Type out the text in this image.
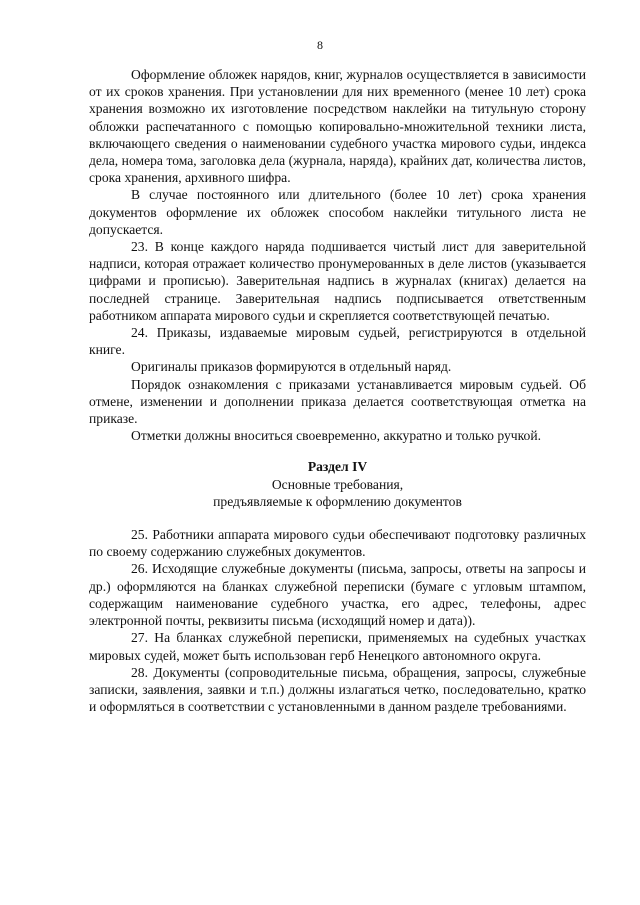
8

Оформление обложек нарядов, книг, журналов осуществляется в зависимости от их сроков хранения. При установлении для них временного (менее 10 лет) срока хранения возможно их изготовление посредством наклейки на титульную сторону обложки распечатанного с помощью копировально-множительной техники листа, включающего сведения о наименовании судебного участка мирового судьи, индекса дела, номера тома, заголовка дела (журнала, наряда), крайних дат, количества листов, срока хранения, архивного шифра.

В случае постоянного или длительного (более 10 лет) срока хранения документов оформление их обложек способом наклейки титульного листа не допускается.

23. В конце каждого наряда подшивается чистый лист для заверительной надписи, которая отражает количество пронумерованных в деле листов (указывается цифрами и прописью). Заверительная надпись в журналах (книгах) делается на последней странице. Заверительная надпись подписывается ответственным работником аппарата мирового судьи и скрепляется соответствующей печатью.

24. Приказы, издаваемые мировым судьей, регистрируются в отдельной книге.

Оригиналы приказов формируются в отдельный наряд.

Порядок ознакомления с приказами устанавливается мировым судьей. Об отмене, изменении и дополнении приказа делается соответствующая отметка на приказе.

Отметки должны вноситься своевременно, аккуратно и только ручкой.

Раздел IV

Основные требования,

предъявляемые к оформлению документов

25. Работники аппарата мирового судьи обеспечивают подготовку различных по своему содержанию служебных документов.

26. Исходящие служебные документы (письма, запросы, ответы на запросы и др.) оформляются на бланках служебной переписки (бумаге с угловым штампом, содержащим наименование судебного участка, его адрес, телефоны, адрес электронной почты, реквизиты письма (исходящий номер и дата)).

27. На бланках служебной переписки, применяемых на судебных участках мировых судей, может быть использован герб Ненецкого автономного округа.

28. Документы (сопроводительные письма, обращения, запросы, служебные записки, заявления, заявки и т.п.) должны излагаться четко, последовательно, кратко и оформляться в соответствии с установленными в данном разделе требованиями.
